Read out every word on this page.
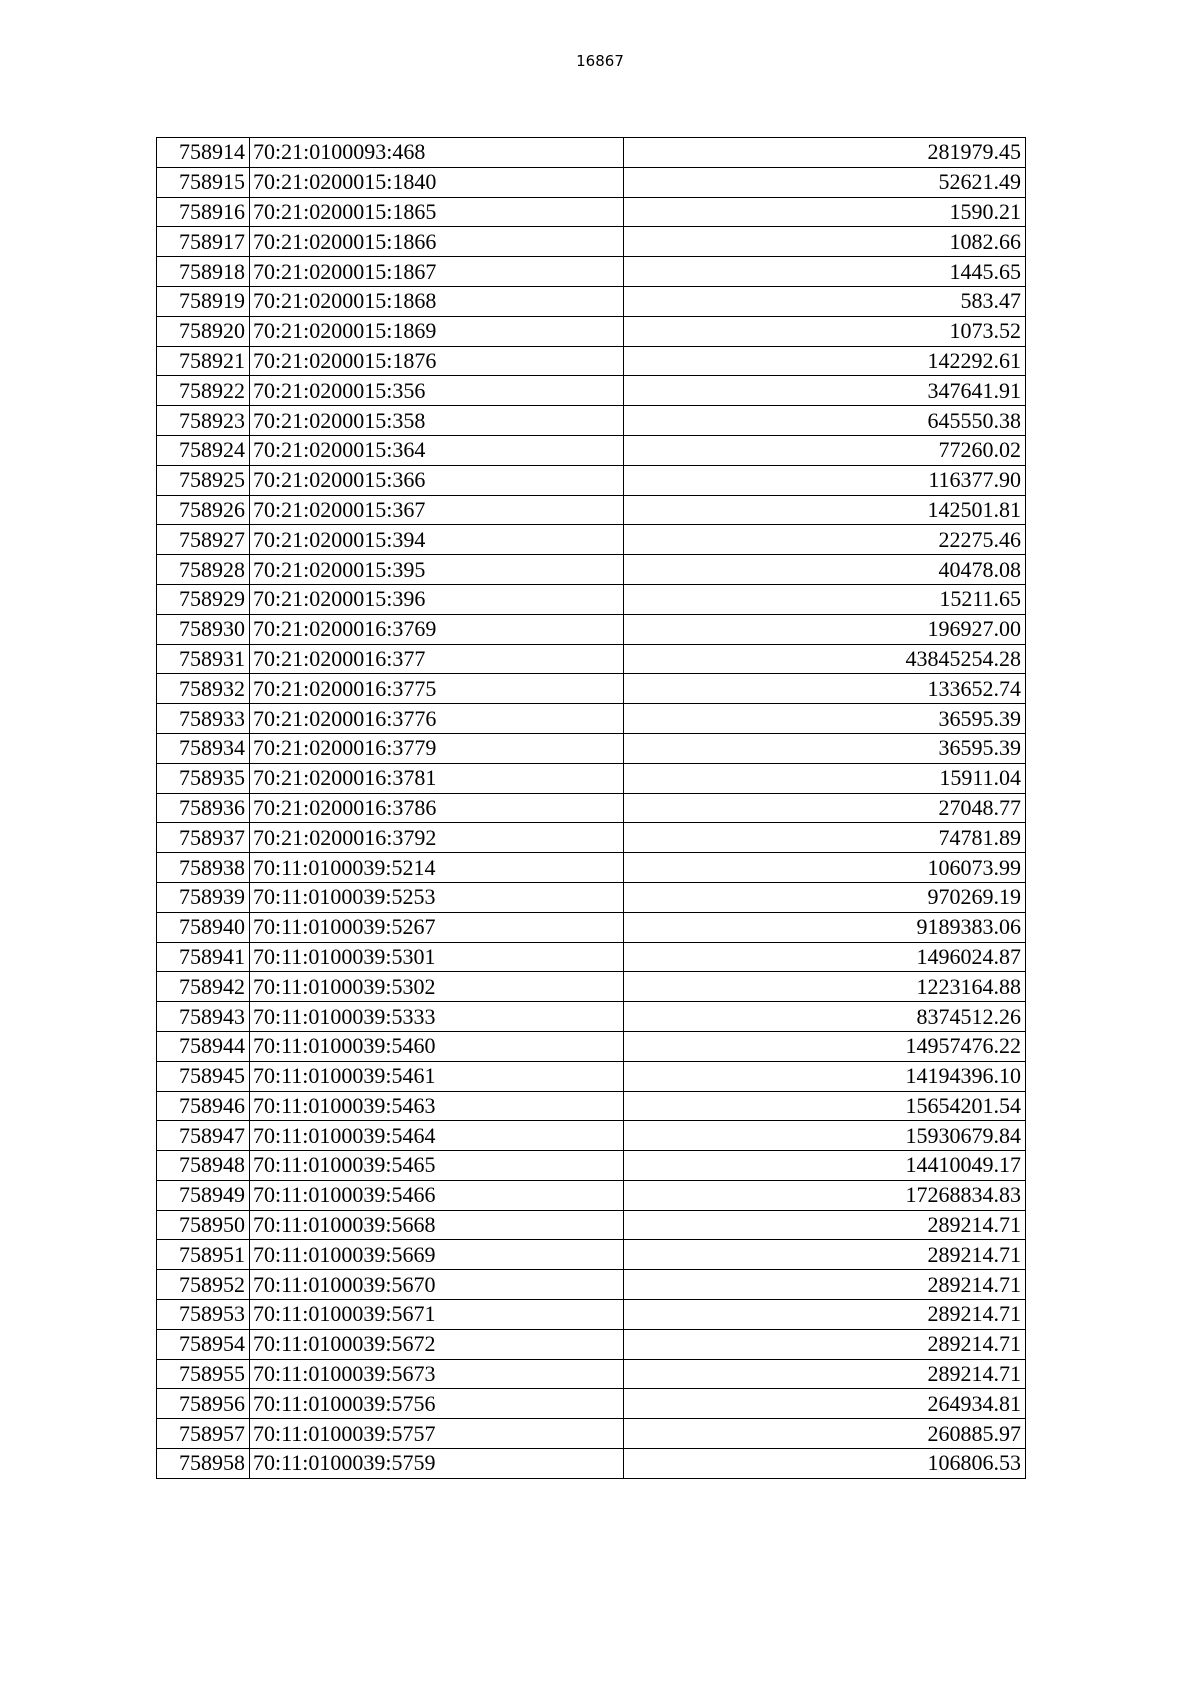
16867
758914	70:21:0100093:468	281979.45
758915	70:21:0200015:1840	52621.49
758916	70:21:0200015:1865	1590.21
758917	70:21:0200015:1866	1082.66
758918	70:21:0200015:1867	1445.65
758919	70:21:0200015:1868	583.47
758920	70:21:0200015:1869	1073.52
758921	70:21:0200015:1876	142292.61
758922	70:21:0200015:356	347641.91
758923	70:21:0200015:358	645550.38
758924	70:21:0200015:364	77260.02
758925	70:21:0200015:366	116377.90
758926	70:21:0200015:367	142501.81
758927	70:21:0200015:394	22275.46
758928	70:21:0200015:395	40478.08
758929	70:21:0200015:396	15211.65
758930	70:21:0200016:3769	196927.00
758931	70:21:0200016:377	43845254.28
758932	70:21:0200016:3775	133652.74
758933	70:21:0200016:3776	36595.39
758934	70:21:0200016:3779	36595.39
758935	70:21:0200016:3781	15911.04
758936	70:21:0200016:3786	27048.77
758937	70:21:0200016:3792	74781.89
758938	70:11:0100039:5214	106073.99
758939	70:11:0100039:5253	970269.19
758940	70:11:0100039:5267	9189383.06
758941	70:11:0100039:5301	1496024.87
758942	70:11:0100039:5302	1223164.88
758943	70:11:0100039:5333	8374512.26
758944	70:11:0100039:5460	14957476.22
758945	70:11:0100039:5461	14194396.10
758946	70:11:0100039:5463	15654201.54
758947	70:11:0100039:5464	15930679.84
758948	70:11:0100039:5465	14410049.17
758949	70:11:0100039:5466	17268834.83
758950	70:11:0100039:5668	289214.71
758951	70:11:0100039:5669	289214.71
758952	70:11:0100039:5670	289214.71
758953	70:11:0100039:5671	289214.71
758954	70:11:0100039:5672	289214.71
758955	70:11:0100039:5673	289214.71
758956	70:11:0100039:5756	264934.81
758957	70:11:0100039:5757	260885.97
758958	70:11:0100039:5759	106806.53
